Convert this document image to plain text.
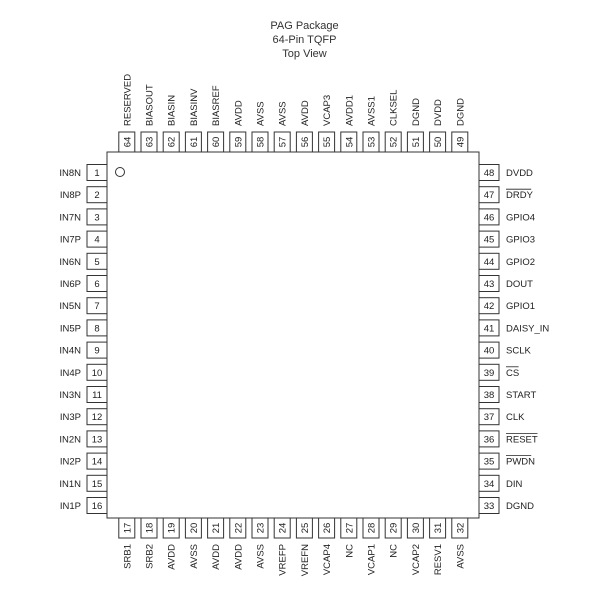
PAG Package
64-Pin TQFP
Top View
1
IN8N
2
IN8P
3
IN7N
4
IN7P
5
IN6N
6
IN6P
7
IN5N
8
IN5P
9
IN4N
10
IN4P
11
IN3N
12
IN3P
13
IN2N
14
IN2P
15
IN1N
16
IN1P
17
SRB1
18
SRB2
19
AVDD
20
AVSS
21
AVDD
22
AVDD
23
AVSS
24
VREFP
25
VREFN
26
VCAP4
27
NC
28
VCAP1
29
NC
30
VCAP2
31
RESV1
32
AVSS
33 DGND
34 DIN
35 PWDN
36 RESET
37 CLK
38 START
39 CS
40 SCLK
41 DAISY_IN
42 GPIO1
43 DOUT
44 GPIO2
45 GPIO3
46 GPIO4
47 DRDY
48 DVDD
49
DGND
50
DVDD
51
DGND
52
CLKSEL
53
AVSS1
54
AVDD1
55
VCAP3
56
AVDD
57
AVSS
58
AVSS
59
AVDD
60
BIASREF
61
BIASINV
62
BIASIN
63
BIASOUT
64
RESERVED
